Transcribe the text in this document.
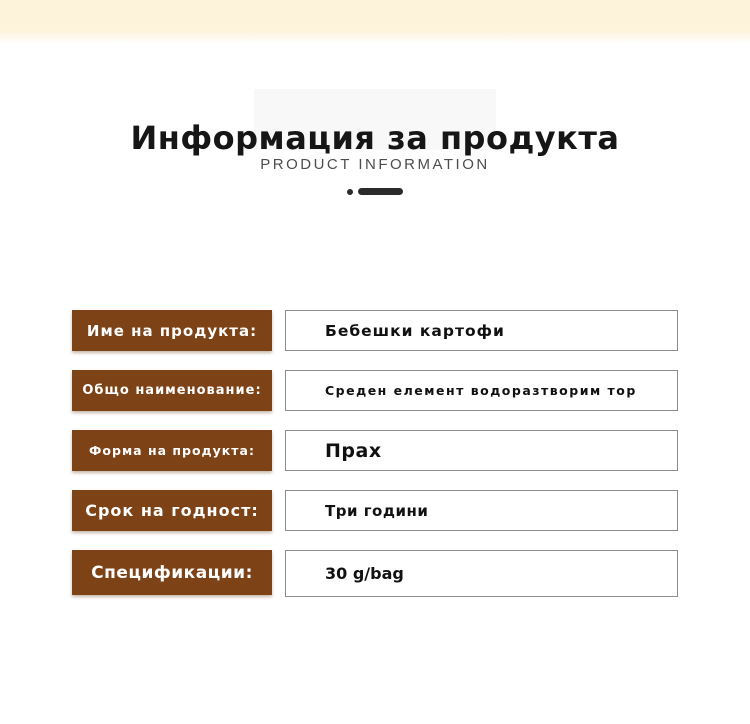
Информация за продукта
PRODUCT INFORMATION
Име на продукта:	Бебешки картофи
Общо наименование:	Среден елемент водоразтворим тор
Форма на продукта:	Прах
Срок на годност:	Три години
Спецификации:	30 g/bag
